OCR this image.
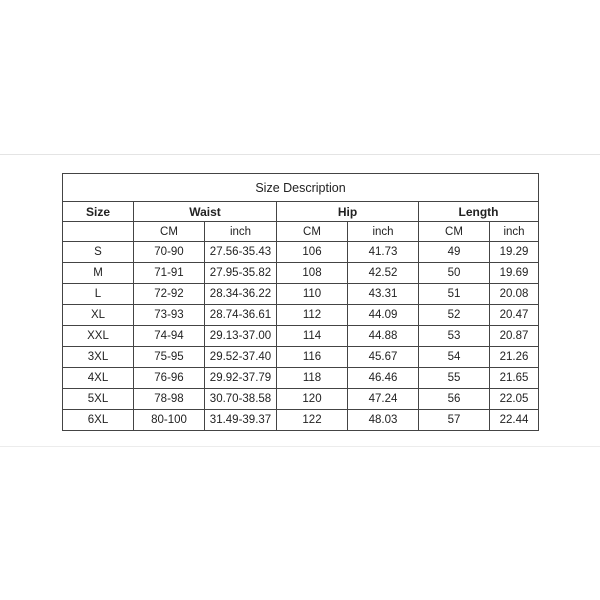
Size Description						
Size	Waist		Hip		Length	
	CM	inch	CM	inch	CM	inch
S	70-90	27.56-35.43	106	41.73	49	19.29
M	71-91	27.95-35.82	108	42.52	50	19.69
L	72-92	28.34-36.22	110	43.31	51	20.08
XL	73-93	28.74-36.61	112	44.09	52	20.47
XXL	74-94	29.13-37.00	114	44.88	53	20.87
3XL	75-95	29.52-37.40	116	45.67	54	21.26
4XL	76-96	29.92-37.79	118	46.46	55	21.65
5XL	78-98	30.70-38.58	120	47.24	56	22.05
6XL	80-100	31.49-39.37	122	48.03	57	22.44
